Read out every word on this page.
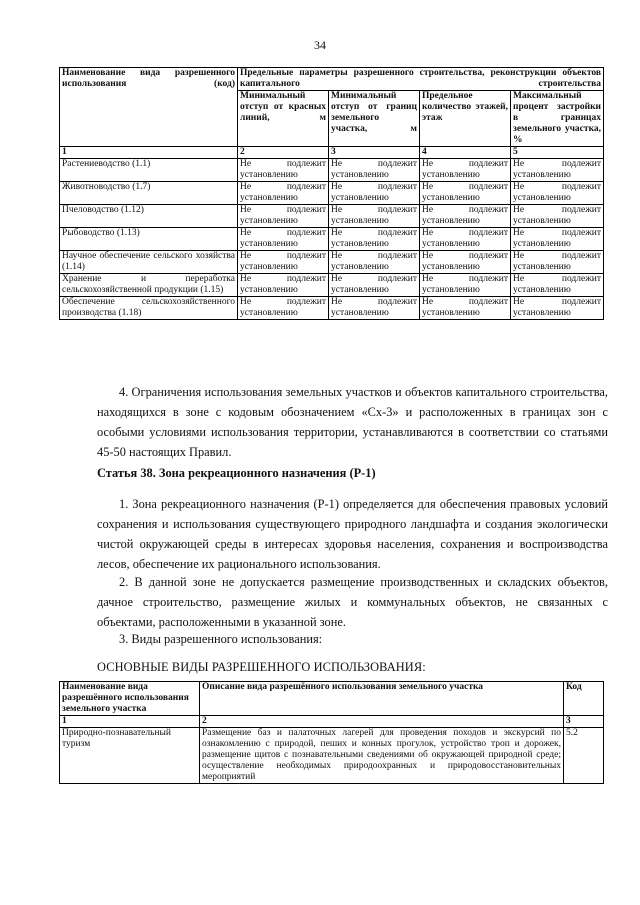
34
Наименование вида разрешенного использования (код)	Предельные параметры разрешенного строительства, реконструкции объектов капитального строительства			
	Минимальный отступ от красных линий, м	Минимальный отступ от границ земельного участка, м	Предельное количество этажей, этаж	Максимальный процент застройки в границах земельного участка, %
1	2	3	4	5
Растениеводство (1.1)	Не подлежит установлению	Не подлежит установлению	Не подлежит установлению	Не подлежит установлению
Животноводство (1.7)	Не подлежит установлению	Не подлежит установлению	Не подлежит установлению	Не подлежит установлению
Пчеловодство (1.12)	Не подлежит установлению	Не подлежит установлению	Не подлежит установлению	Не подлежит установлению
Рыбоводство (1.13)	Не подлежит установлению	Не подлежит установлению	Не подлежит установлению	Не подлежит установлению
Научное обеспечение сельского хозяйства (1.14)	Не подлежит установлению	Не подлежит установлению	Не подлежит установлению	Не подлежит установлению
Хранение и переработка сельскохозяйственной продукции (1.15)	Не подлежит установлению	Не подлежит установлению	Не подлежит установлению	Не подлежит установлению
Обеспечение сельскохозяйственного производства (1.18)	Не подлежит установлению	Не подлежит установлению	Не подлежит установлению	Не подлежит установлению

4. Ограничения использования земельных участков и объектов капитального строительства, находящихся в зоне с кодовым обозначением «Сх-3» и расположенных в границах зон с особыми условиями использования территории, устанавливаются в соответствии со статьями 45-50 настоящих Правил.

Статья 38. Зона рекреационного назначения (Р-1)

1. Зона рекреационного назначения (Р-1) определяется для обеспечения правовых условий сохранения и использования существующего природного ландшафта и создания экологически чистой окружающей среды в интересах здоровья населения, сохранения и воспроизводства лесов, обеспечение их рационального использования.

2. В данной зоне не допускается размещение производственных и складских объектов, дачное строительство, размещение жилых и коммунальных объектов, не связанных с объектами, расположенными в указанной зоне.

3. Виды разрешенного использования:

ОСНОВНЫЕ ВИДЫ РАЗРЕШЕННОГО ИСПОЛЬЗОВАНИЯ:

Наименование вида разрешённого использования земельного участка	Описание вида разрешённого использования земельного участка	Код
1	2	3
Природно-познавательный туризм	Размещение баз и палаточных лагерей для проведения походов и экскурсий по ознакомлению с природой, пеших и конных прогулок, устройство троп и дорожек, размещение щитов с познавательными сведениями об окружающей природной среде; осуществление необходимых природоохранных и природовосстановительных мероприятий	5.2
